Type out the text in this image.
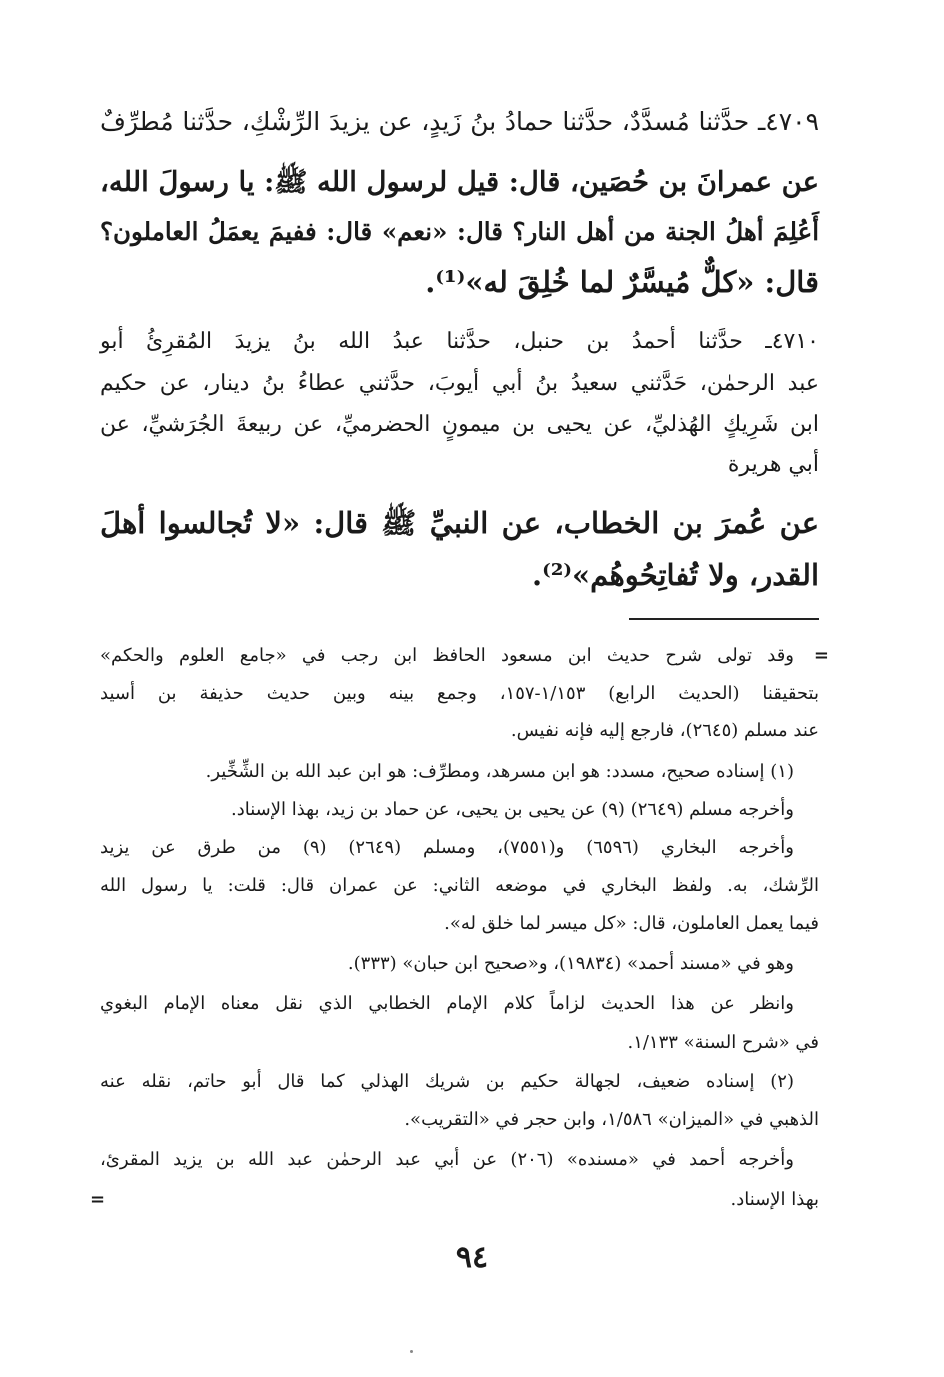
٤٧٠٩ـ حدَّثنا مُسدَّدٌ، حدَّثنا حمادُ بنُ زَيدٍ، عن يزيدَ الرِّشْكِ، حدَّثنا مُطرِّفٌ
عن عمرانَ بن حُصَين، قال: قيل لرسول الله ﷺ: يا رسولَ الله،
أَعُلِمَ أهلُ الجنة من أهل النار؟ قال: «نعم» قال: ففيمَ يعمَلُ العاملون؟
قال: «كلٌّ مُيسَّرٌ لما خُلِقَ له»⁽¹⁾.
٤٧١٠ـ حدَّثنا أحمدُ بن حنبل، حدَّثنا عبدُ الله بنُ يزيدَ المُقرِئُ أبو
عبد الرحمٰن، حَدَّثني سعيدُ بنُ أبي أيوبَ، حدَّثني عطاءُ بنُ دينار، عن حكيم
ابن شَرِيكٍ الهُذليِّ، عن يحيى بن ميمونٍ الحضرميِّ، عن ربيعةَ الجُرَشيِّ، عن
أبي هريرة
عن عُمرَ بن الخطاب، عن النبيِّ ﷺ قال: «لا تُجالسوا أهلَ
القدر، ولا تُفاتِحُوهُم»⁽²⁾.
=
وقد تولى شرح حديث ابن مسعود الحافظ ابن رجب في «جامع العلوم والحكم»
بتحقيقنا (الحديث الرابع) ١/١٥٣-١٥٧، وجمع بينه وبين حديث حذيفة بن أسيد
عند مسلم (٢٦٤٥)، فارجع إليه فإنه نفيس.
(١) إسناده صحيح، مسدد: هو ابن مسرهد، ومطرِّف: هو ابن عبد الله بن الشِّخِّير.
وأخرجه مسلم (٢٦٤٩) (٩) عن يحيى بن يحيى، عن حماد بن زيد، بهذا الإسناد.
وأخرجه البخاري (٦٥٩٦) و(٧٥٥١)، ومسلم (٢٦٤٩) (٩) من طرق عن يزيد
الرِّشك، به. ولفظ البخاري في موضعه الثاني: عن عمران قال: قلت: يا رسول الله
فيما يعمل العاملون، قال: «كل ميسر لما خلق له».
وهو في «مسند أحمد» (١٩٨٣٤)، و«صحيح ابن حبان» (٣٣٣).
وانظر عن هذا الحديث لزاماً كلام الإمام الخطابي الذي نقل معناه الإمام البغوي
في «شرح السنة» ١/١٣٣.
(٢) إسناده ضعيف، لجهالة حكيم بن شريك الهذلي كما قال أبو حاتم، نقله عنه
الذهبي في «الميزان» ١/٥٨٦، وابن حجر في «التقريب».
وأخرجه أحمد في «مسنده» (٢٠٦) عن أبي عبد الرحمٰن عبد الله بن يزيد المقرئ،
بهذا الإسناد.
=
٩٤
